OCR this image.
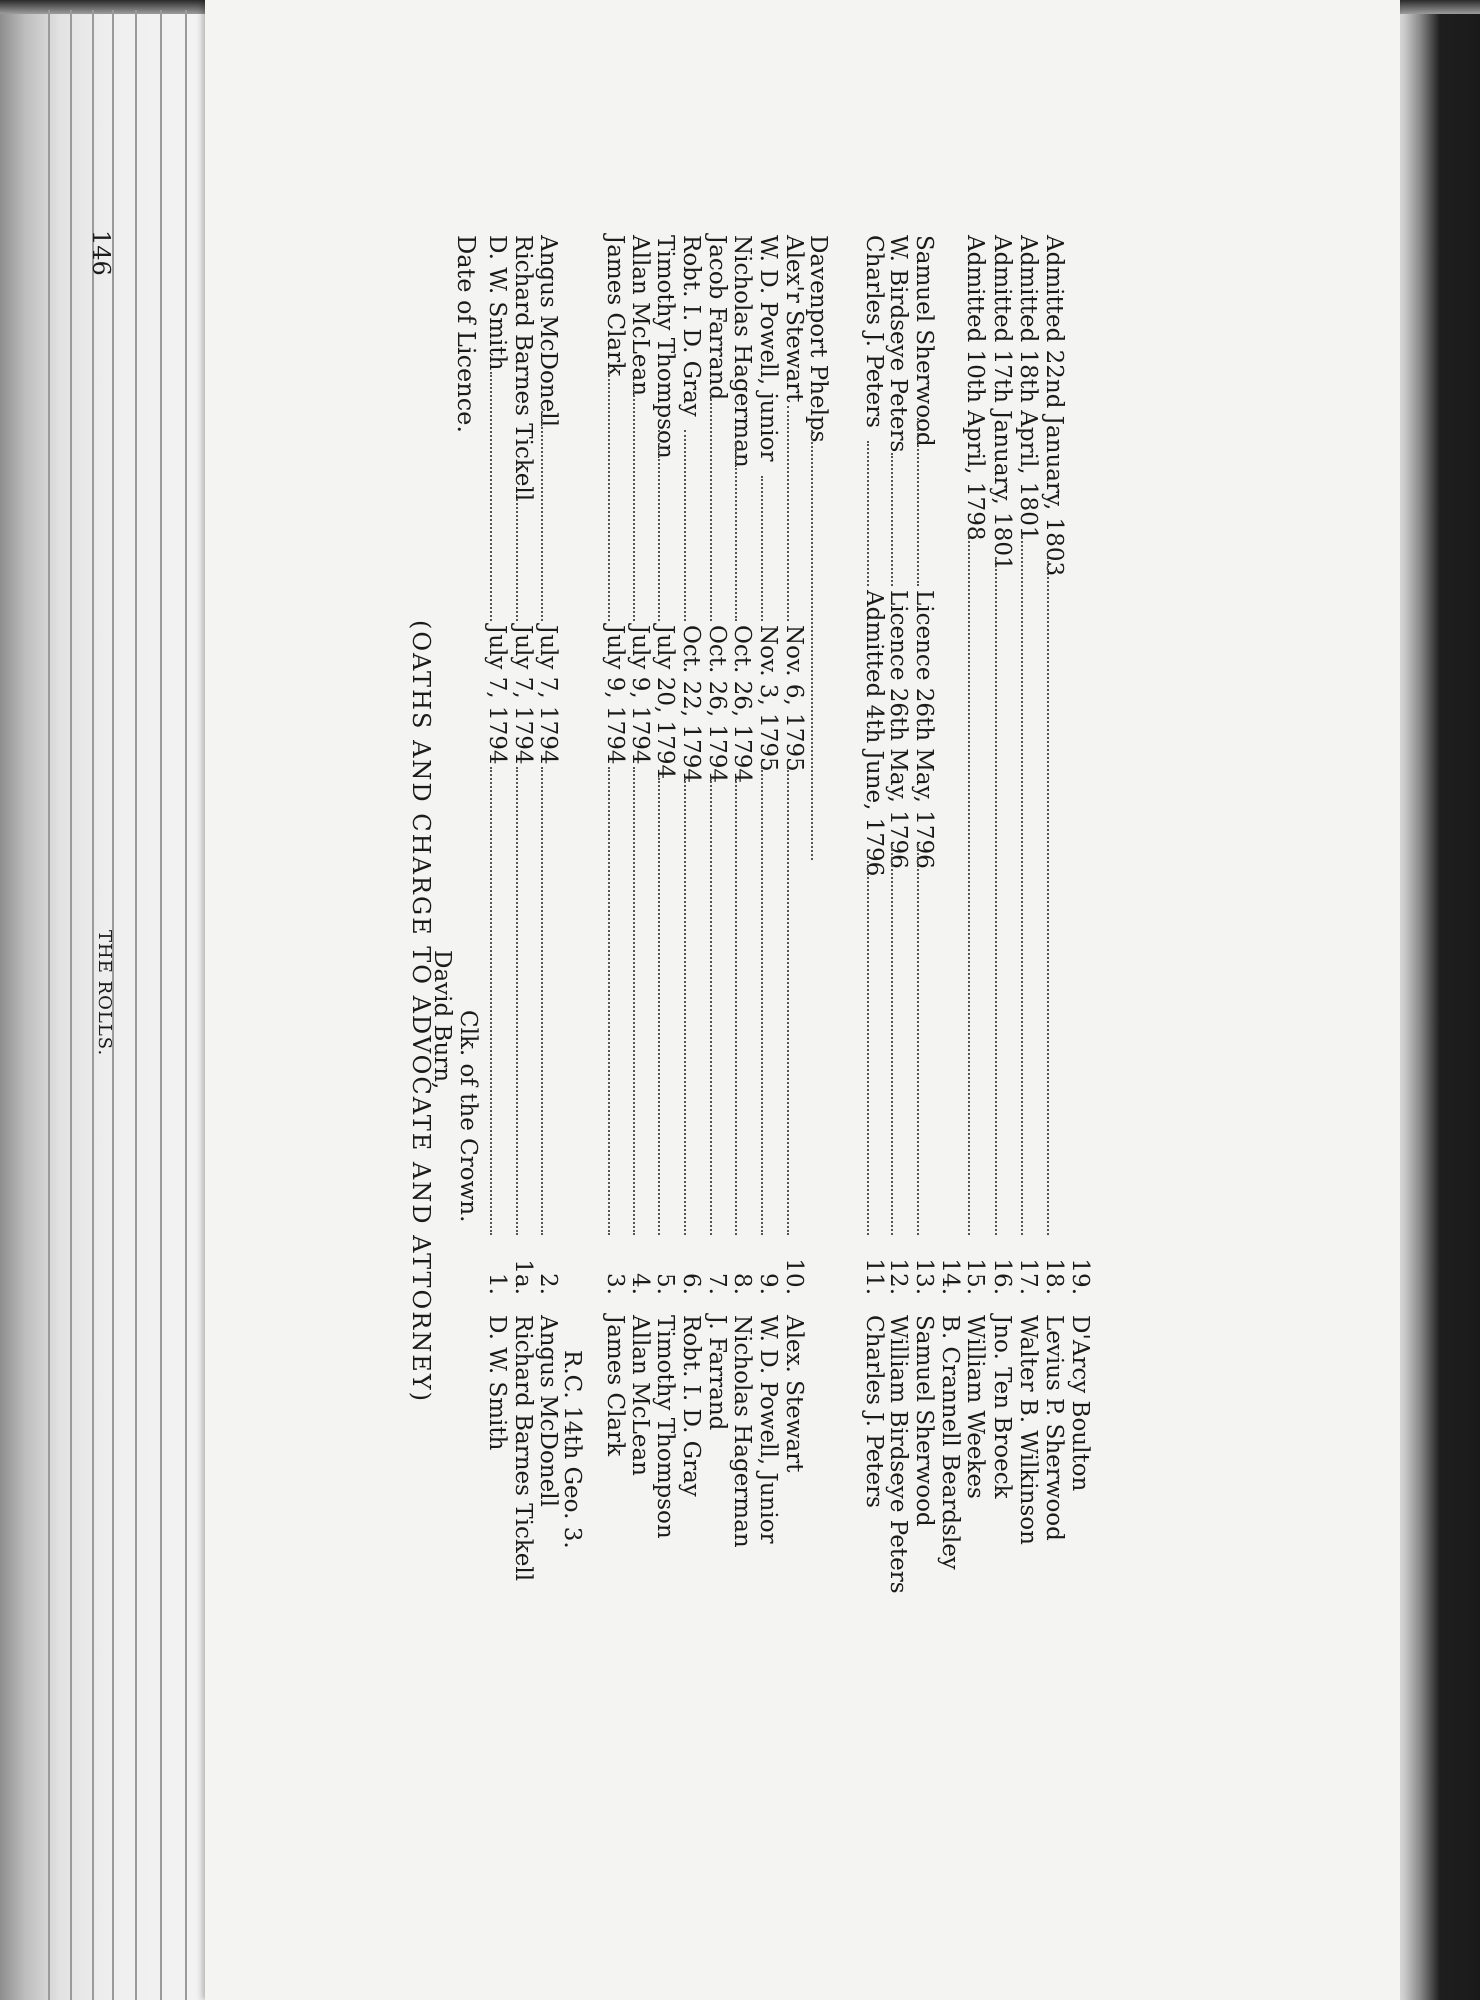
146
THE ROLLS.	(OATHS AND CHARGE TO ADVOCATE AND ATTORNEY)
David Burn, Clk. of the Crown.
Date of Licence. D. W. Smith
July 7, 1794
1.
D. W. Smith
Richard Barnes Tickell
July 7, 1794
1a.
Richard Barnes Tickell
Angus McDonell
July 7, 1794
2.
Angus McDonell
R.C. 14th Geo. 3.
James Clark
July 9, 1794
3.
James Clark
Allan McLean
July 9, 1794
4.
Allan McLean
Timothy Thompson
July 20, 1794
5.
Timothy Thompson
Robt. I. D. Gray
Oct. 22, 1794
6.
Robt. I. D. Gray
Jacob Farrand
Oct. 26, 1794
7.
J. Farrand
Nicholas Hagerman
Oct. 26, 1794
8.
Nicholas Hagerman
W. D. Powell, junior
Nov. 3, 1795
9.
W. D. Powell, Junior
Alex'r Stewart
Nov. 6, 1795
10.
Alex. Stewart
Davenport Phelps Charles J. Peters
Admitted 4th June, 1796
11.
Charles J. Peters
W. Birdseye Peters
Licence 26th May, 1796
12.
William Birdseye Peters
Samuel Sherwood
Licence 26th May, 1796
13.
Samuel Sherwood
14.
B. Crannell Beardsley
Admitted 10th April, 1798
15.
William Weekes
Admitted 17th January, 1801
16.
Jno. Ten Broeck
Admitted 18th April, 1801
17.
Walter B. Wilkinson
Admitted 22nd January, 1803
18.
Levius P. Sherwood
19.
D'Arcy Boulton
